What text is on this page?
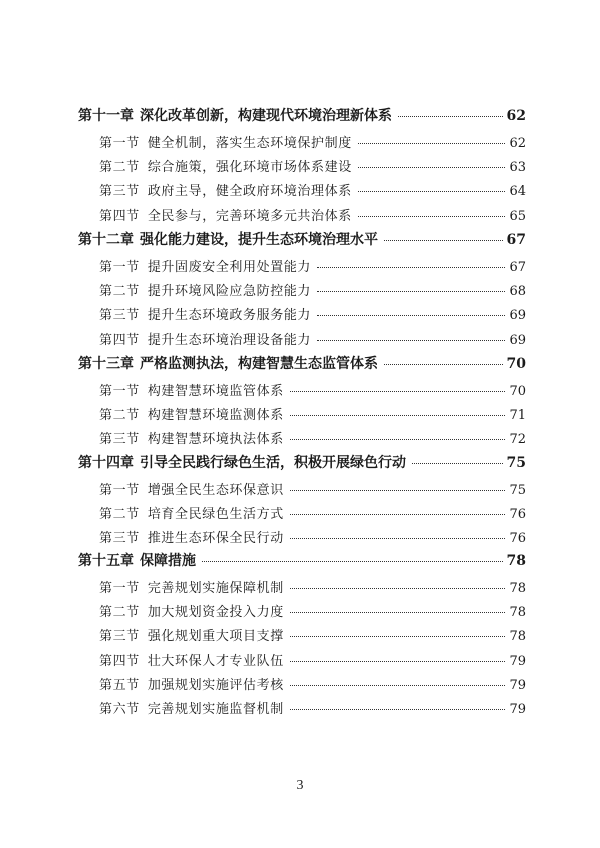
第十一章 深化改革创新，构建现代环境治理新体系	62
第一节 健全机制，落实生态环境保护制度	62
第二节 综合施策，强化环境市场体系建设	63
第三节 政府主导，健全政府环境治理体系	64
第四节 全民参与，完善环境多元共治体系	65
第十二章 强化能力建设，提升生态环境治理水平	67
第一节 提升固废安全利用处置能力	67
第二节 提升环境风险应急防控能力	68
第三节 提升生态环境政务服务能力	69
第四节 提升生态环境治理设备能力	69
第十三章 严格监测执法，构建智慧生态监管体系	70
第一节 构建智慧环境监管体系	70
第二节 构建智慧环境监测体系	71
第三节 构建智慧环境执法体系	72
第十四章 引导全民践行绿色生活，积极开展绿色行动	75
第一节 增强全民生态环保意识	75
第二节 培育全民绿色生活方式	76
第三节 推进生态环保全民行动	76
第十五章 保障措施	78
第一节 完善规划实施保障机制	78
第二节 加大规划资金投入力度	78
第三节 强化规划重大项目支撑	78
第四节 壮大环保人才专业队伍	79
第五节 加强规划实施评估考核	79
第六节 完善规划实施监督机制	79
3
